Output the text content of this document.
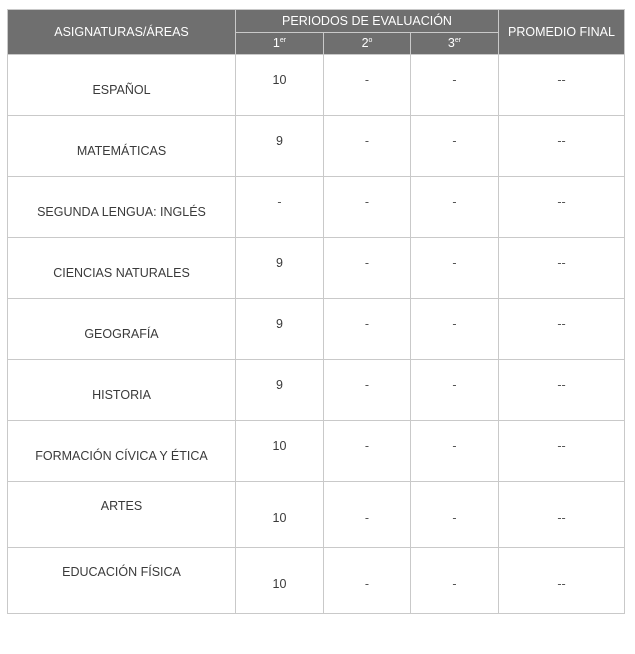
ASIGNATURAS/ÁREAS	PERIODOS DE EVALUACIÓN			PROMEDIO FINAL
	1er	2$^o$	3er
ESPAÑOL	10	-	-	--
MATEMÁTICAS	9	-	-	--
SEGUNDA LENGUA: INGLÉS	-	-	-	--
CIENCIAS NATURALES	9	-	-	--
GEOGRAFÍA	9	-	-	--
HISTORIA	9	-	-	--
FORMACIÓN CÍVICA Y ÉTICA	10	-	-	--
ARTES	10	-	-	--
EDUCACIÓN FÍSICA	10	-	-	--
